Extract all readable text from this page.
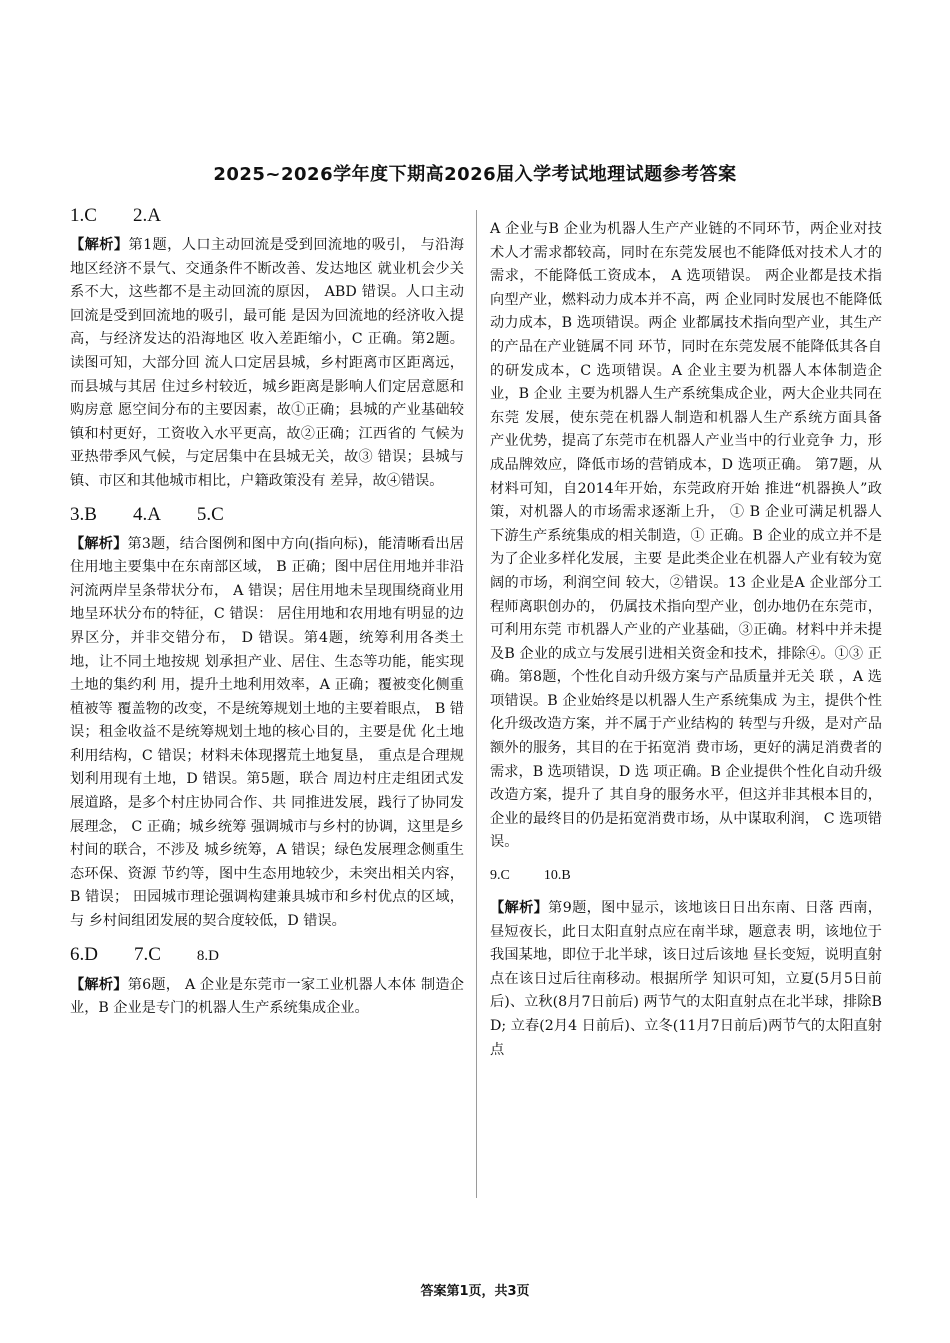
2025~2026学年度下期高2026届入学考试地理试题参考答案
1.C 2.A

【解析】第1题，人口主动回流是受到回流地的吸引， 与沿海地区经济不景气、交通条件不断改善、发达地区 就业机会少关系不大，这些都不是主动回流的原因， ABD 错误。人口主动回流是受到回流地的吸引，最可能 是因为回流地的经济收入提高，与经济发达的沿海地区 收入差距缩小，C 正确。第2题。读图可知，大部分回 流人口定居县城，乡村距离市区距离远，而县城与其居 住过乡村较近，城乡距离是影响人们定居意愿和购房意 愿空间分布的主要因素，故①正确；县城的产业基础较 镇和村更好，工资收入水平更高，故②正确；江西省的 气候为亚热带季风气候，与定居集中在县城无关，故③ 错误；县城与镇、市区和其他城市相比，户籍政策没有 差异，故④错误。

3.B 4.A 5.C

【解析】第3题，结合图例和图中方向(指向标)，能清晰看出居住用地主要集中在东南部区域， B 正确；图中居住用地并非沿河流两岸呈条带状分布， A 错误；居住用地未呈现围绕商业用地呈环状分布的特征，C 错误： 居住用地和农用地有明显的边界区分，并非交错分布， D 错误。第4题，统筹利用各类土地，让不同土地按规 划承担产业、居住、生态等功能，能实现土地的集约利 用，提升土地利用效率，A 正确；覆被变化侧重植被等 覆盖物的改变，不是统筹规划土地的主要着眼点， B 错 误；租金收益不是统筹规划土地的核心目的，主要是优 化土地利用结构，C 错误；材料未体现撂荒土地复垦， 重点是合理规划利用现有土地，D 错误。第5题，联合 周边村庄走组团式发展道路，是多个村庄协同合作、共 同推进发展，践行了协同发展理念， C 正确；城乡统筹 强调城市与乡村的协调，这里是乡村间的联合，不涉及 城乡统筹，A 错误；绿色发展理念侧重生态环保、资源 节约等，图中生态用地较少，未突出相关内容，B 错误； 田园城市理论强调构建兼具城市和乡村优点的区域，与 乡村间组团发展的契合度较低，D 错误。

6.D 7.C 8.D

【解析】第6题， A 企业是东莞市一家工业机器人本体 制造企业，B 企业是专门的机器人生产系统集成企业。

A 企业与B 企业为机器人生产产业链的不同环节，两企业对技术人才需求都较高，同时在东莞发展也不能降低对技术人才的需求，不能降低工资成本， A 选项错误。 两企业都是技术指向型产业，燃料动力成本并不高，两 企业同时发展也不能降低动力成本，B 选项错误。两企 业都属技术指向型产业，其生产的产品在产业链属不同 环节，同时在东莞发展不能降低其各自的研发成本，C 选项错误。A 企业主要为机器人本体制造企业，B 企业 主要为机器人生产系统集成企业，两大企业共同在东莞 发展，使东莞在机器人制造和机器人生产系统方面具备 产业优势，提高了东莞市在机器人产业当中的行业竞争 力，形成品牌效应，降低市场的营销成本，D 选项正确。 第7题，从材料可知，自2014年开始，东莞政府开始 推进“机器换人”政策，对机器人的市场需求逐渐上升， ① B 企业可满足机器人下游生产系统集成的相关制造，① 正确。B 企业的成立并不是为了企业多样化发展，主要 是此类企业在机器人产业有较为宽阔的市场，利润空间 较大，②错误。13 企业是A 企业部分工程师离职创办的， 仍属技术指向型产业，创办地仍在东莞市，可利用东莞 市机器人产业的产业基础，③正确。材料中并未提及B 企业的成立与发展引进相关资金和技术，排除④。①③ 正确。第8题，个性化自动升级方案与产品质量并无关 联 ，A 选项错误。B 企业始终是以机器人生产系统集成 为主，提供个性化升级改造方案，并不属于产业结构的 转型与升级，是对产品额外的服务，其目的在于拓宽消 费市场，更好的满足消费者的需求，B 选项错误，D 选 项正确。B 企业提供个性化自动升级改造方案，提升了 其自身的服务水平，但这并非其根本目的，企业的最终目的仍是拓宽消费市场，从中谋取利润， C 选项错误。

9.C 10.B

【解析】第9题，图中显示，该地该日日出东南、日落 西南，昼短夜长，此日太阳直射点应在南半球，题意表 明，该地位于我国某地，即位于北半球，该日过后该地 昼长变短，说明直射点在该日过后往南移动。根据所学 知识可知，立夏(5月5日前后)、立秋(8月7日前后) 两节气的太阳直射点在北半球，排除BD; 立春(2月4 日前后)、立冬(11月7日前后)两节气的太阳直射点

答案第1页，共3页
